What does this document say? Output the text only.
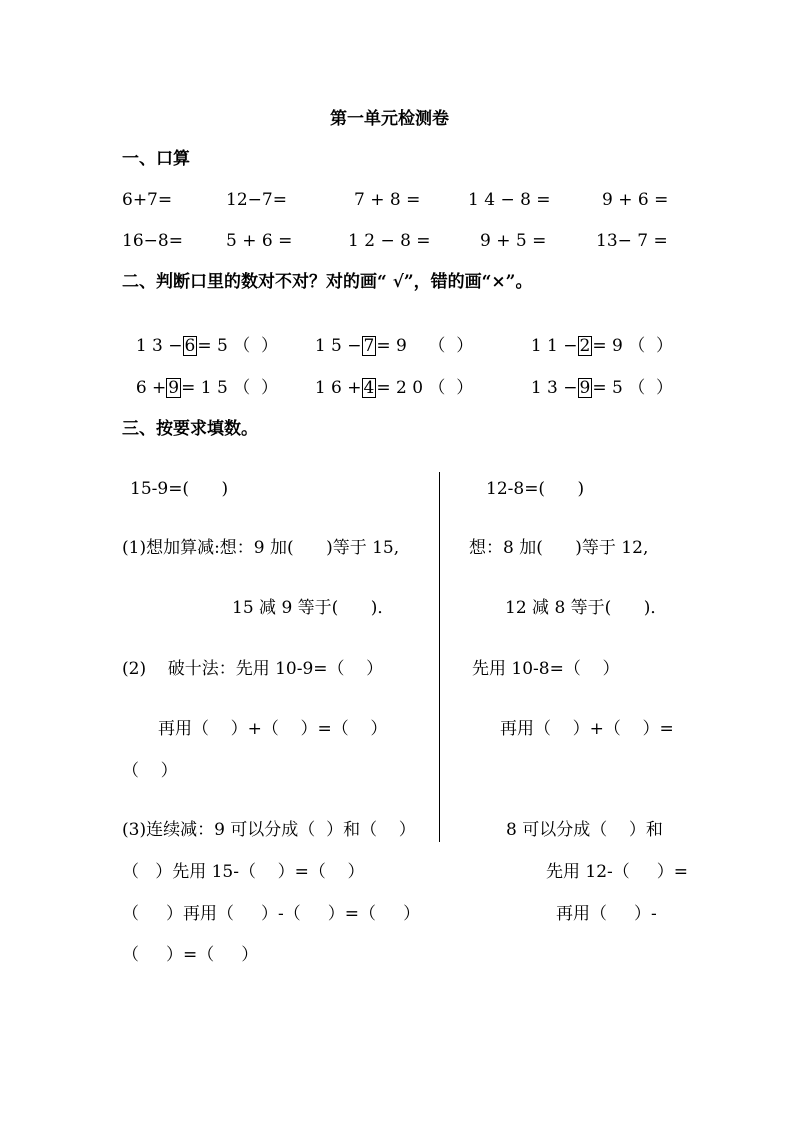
第一单元检测卷
一、口算
6+7=	12−7=	7 + 8 =	1 4 − 8 =	9 + 6 =
16−8=	5 + 6 =	1 2 − 8 =	9 + 5 =	13− 7 =
二、判断口里的数对不对？对的画“ √”，错的画“×”。

1 3 − 6 = 5 （  ）	1 5 − 7 = 9    （  ）	1 1 − 2 = 9 （  ）

6 + 9 = 1 5 （  ）	1 6 + 4 = 2 0 （  ）	1 3 − 9 = 5 （  ）

三、按要求填数。
15-9=(      )
(1)想加算减:想：9 加(      )等于 15,
15 减 9 等于(      )．
(2)    破十法：先用 10-9=（    ）
再用（    ）+（    ）=（    ）
（    ）
(3)连续减：9 可以分成（  ）和（    ）
（   ）先用 15-（    ）=（    ）
（     ）再用（     ）-（     ）=（     ）
（     ）=（     ）
12-8=(      )
想：8 加(      )等于 12,
12 减 8 等于(      )．
先用 10-8=（    ）
再用（    ）+（    ）=
8 可以分成（    ）和
先用 12-（     ）=
再用（     ）-
